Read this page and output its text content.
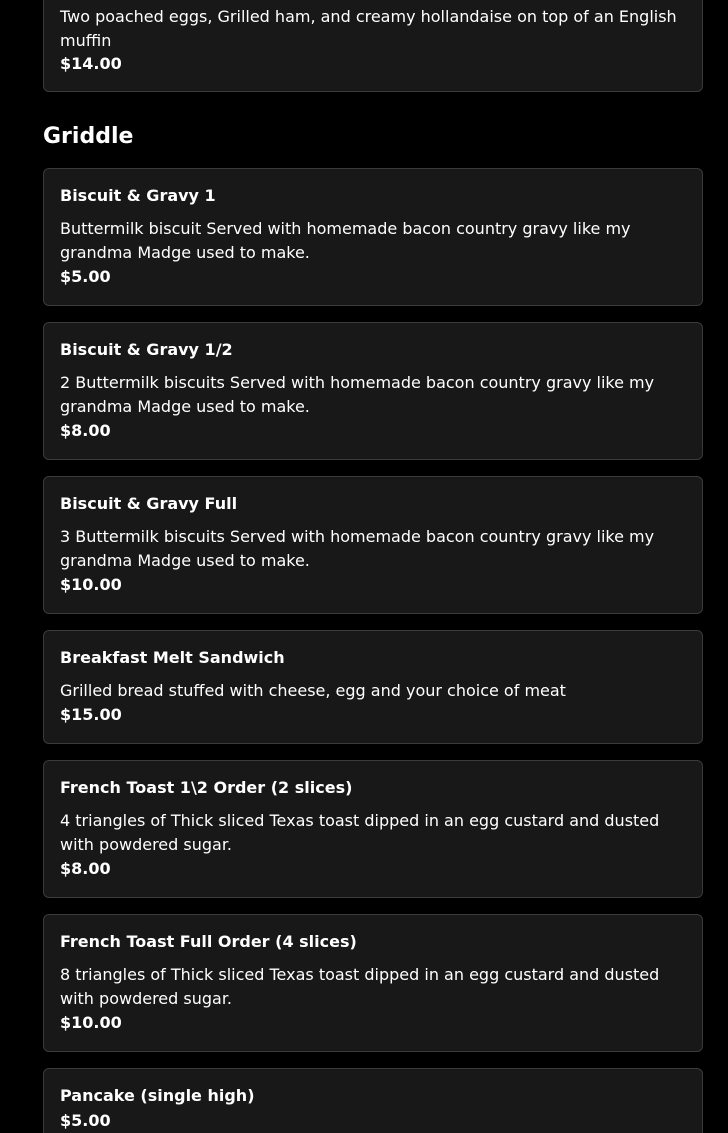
Two poached eggs, Grilled ham, and creamy hollandaise on top of an English muffin
$14.00
Griddle
Biscuit & Gravy 1
Buttermilk biscuit Served with homemade bacon country gravy like my grandma Madge used to make.
$5.00
Biscuit & Gravy 1/2
2 Buttermilk biscuits Served with homemade bacon country gravy like my grandma Madge used to make.
$8.00
Biscuit & Gravy Full
3 Buttermilk biscuits Served with homemade bacon country gravy like my grandma Madge used to make.
$10.00
Breakfast Melt Sandwich
Grilled bread stuffed with cheese, egg and your choice of meat
$15.00
French Toast 1\2 Order (2 slices)
4 triangles of Thick sliced Texas toast dipped in an egg custard and dusted with powdered sugar.
$8.00
French Toast Full Order (4 slices)
8 triangles of Thick sliced Texas toast dipped in an egg custard and dusted with powdered sugar.
$10.00
Pancake (single high)
$5.00
